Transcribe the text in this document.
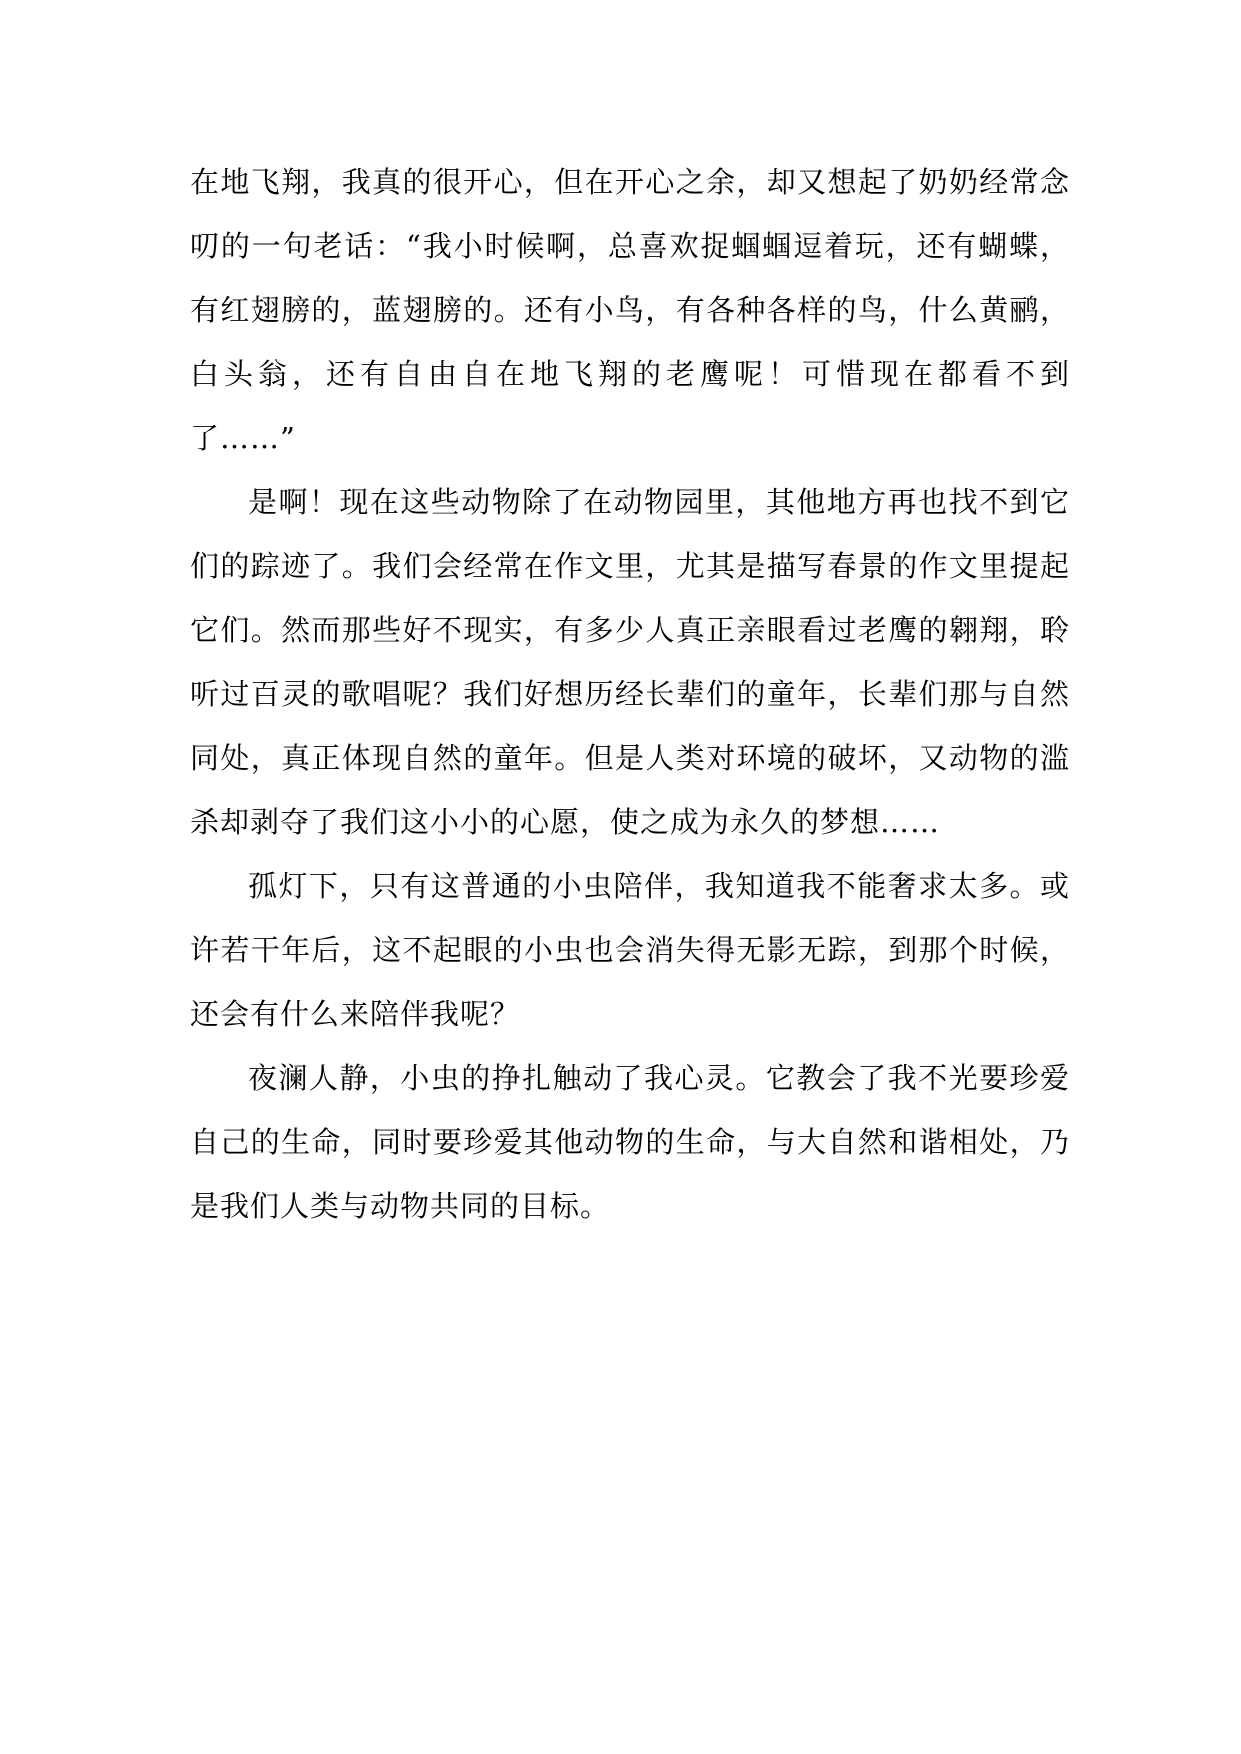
在地飞翔，我真的很开心，但在开心之余，却又想起了奶奶经常念叨的一句老话：“我小时候啊，总喜欢捉蝈蝈逗着玩，还有蝴蝶，有红翅膀的，蓝翅膀的。还有小鸟，有各种各样的鸟，什么黄鹂，白头翁，还有自由自在地飞翔的老鹰呢！可惜现在都看不到了……”

是啊！现在这些动物除了在动物园里，其他地方再也找不到它们的踪迹了。我们会经常在作文里，尤其是描写春景的作文里提起它们。然而那些好不现实，有多少人真正亲眼看过老鹰的翱翔，聆听过百灵的歌唱呢？我们好想历经长辈们的童年，长辈们那与自然同处，真正体现自然的童年。但是人类对环境的破坏，又动物的滥杀却剥夺了我们这小小的心愿，使之成为永久的梦想……

孤灯下，只有这普通的小虫陪伴，我知道我不能奢求太多。或许若干年后，这不起眼的小虫也会消失得无影无踪，到那个时候，还会有什么来陪伴我呢？

夜澜人静，小虫的挣扎触动了我心灵。它教会了我不光要珍爱自己的生命，同时要珍爱其他动物的生命，与大自然和谐相处，乃是我们人类与动物共同的目标。
